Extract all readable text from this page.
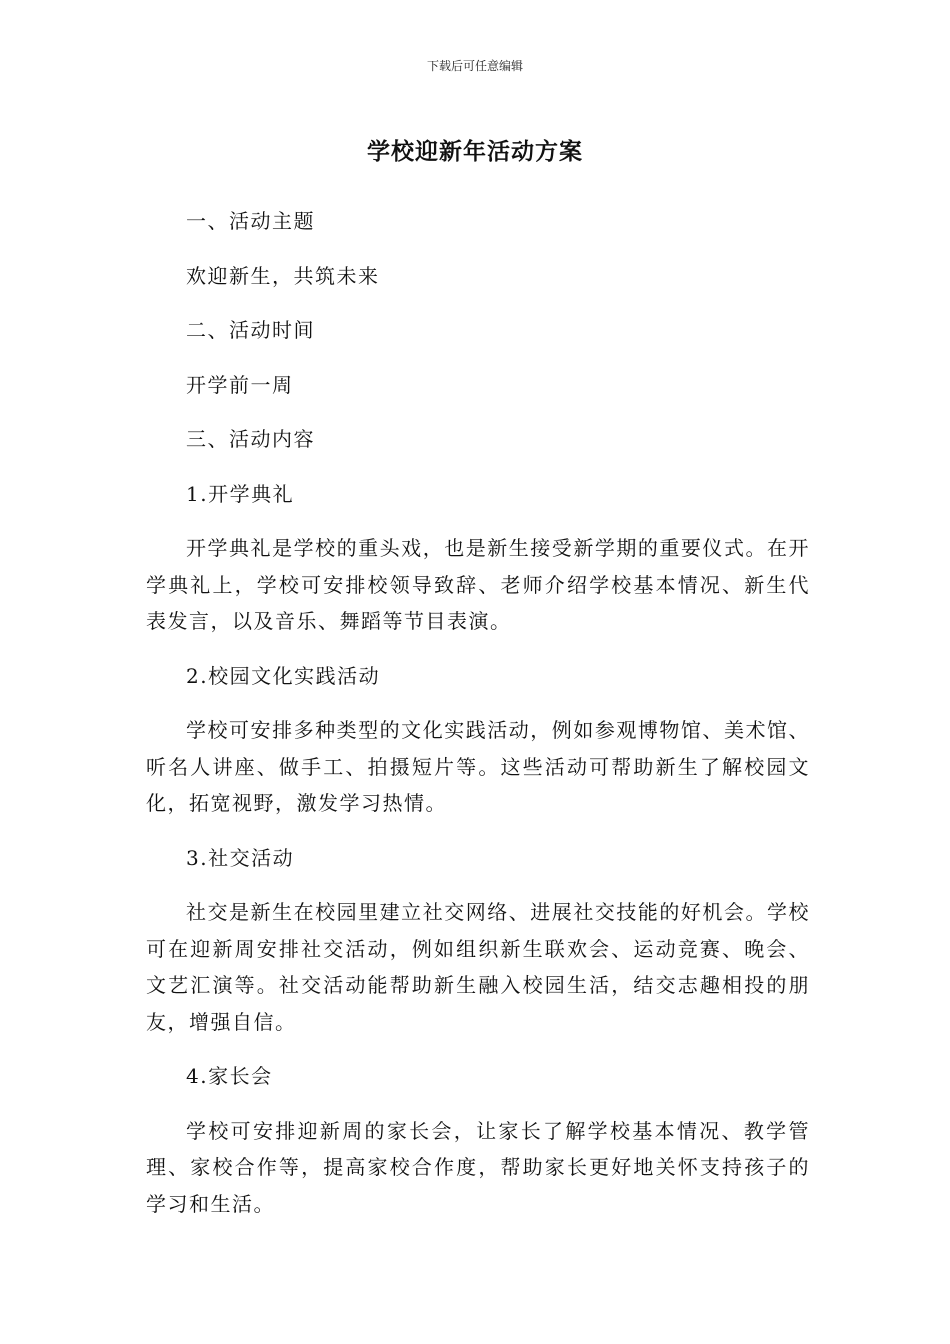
下载后可任意编辑
学校迎新年活动方案
一、活动主题
欢迎新生，共筑未来
二、活动时间
开学前一周
三、活动内容
1.开学典礼
开学典礼是学校的重头戏，也是新生接受新学期的重要仪式。在开学典礼上，学校可安排校领导致辞、老师介绍学校基本情况、新生代表发言，以及音乐、舞蹈等节目表演。
2.校园文化实践活动
学校可安排多种类型的文化实践活动，例如参观博物馆、美术馆、听名人讲座、做手工、拍摄短片等。这些活动可帮助新生了解校园文化，拓宽视野，激发学习热情。
3.社交活动
社交是新生在校园里建立社交网络、进展社交技能的好机会。学校可在迎新周安排社交活动，例如组织新生联欢会、运动竞赛、晚会、文艺汇演等。社交活动能帮助新生融入校园生活，结交志趣相投的朋友，增强自信。
4.家长会
学校可安排迎新周的家长会，让家长了解学校基本情况、教学管理、家校合作等，提高家校合作度，帮助家长更好地关怀支持孩子的学习和生活。
